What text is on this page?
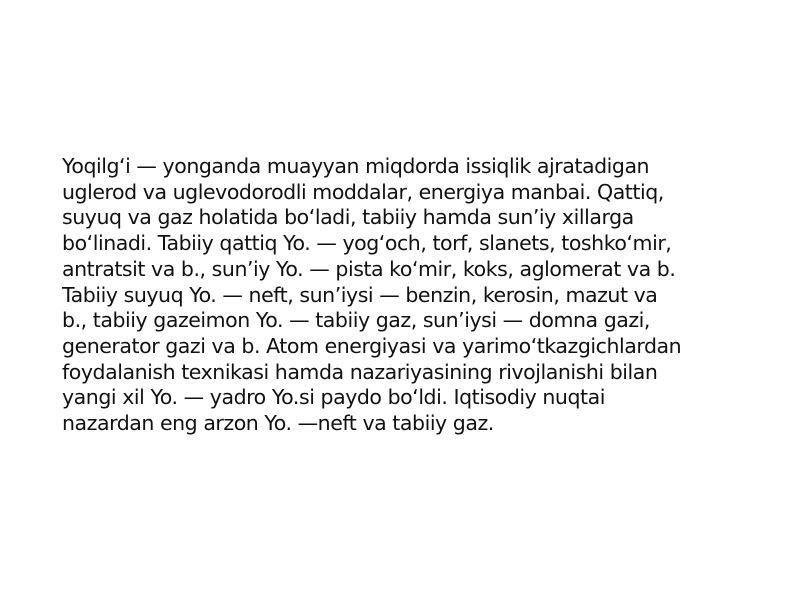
Yoqilg‘i — yonganda muayyan miqdorda issiqlik ajratadigan
uglerod va uglevodorodli moddalar, energiya manbai. Qattiq,
suyuq va gaz holatida bo‘ladi, tabiiy hamda sun’iy xillarga
bo‘linadi. Tabiiy qattiq Yo. — yog‘och, torf, slanets, toshko‘mir,
antratsit va b., sun’iy Yo. — pista ko‘mir, koks, aglomerat va b.
Tabiiy suyuq Yo. — neft, sun’iysi — benzin, kerosin, mazut va
b., tabiiy gazeimon Yo. — tabiiy gaz, sun’iysi — domna gazi,
generator gazi va b. Atom energiyasi va yarimo‘tkazgichlardan
foydalanish texnikasi hamda nazariyasining rivojlanishi bilan
yangi xil Yo. — yadro Yo.si paydo bo‘ldi. Iqtisodiy nuqtai
nazardan eng arzon Yo. —neft va tabiiy gaz.
